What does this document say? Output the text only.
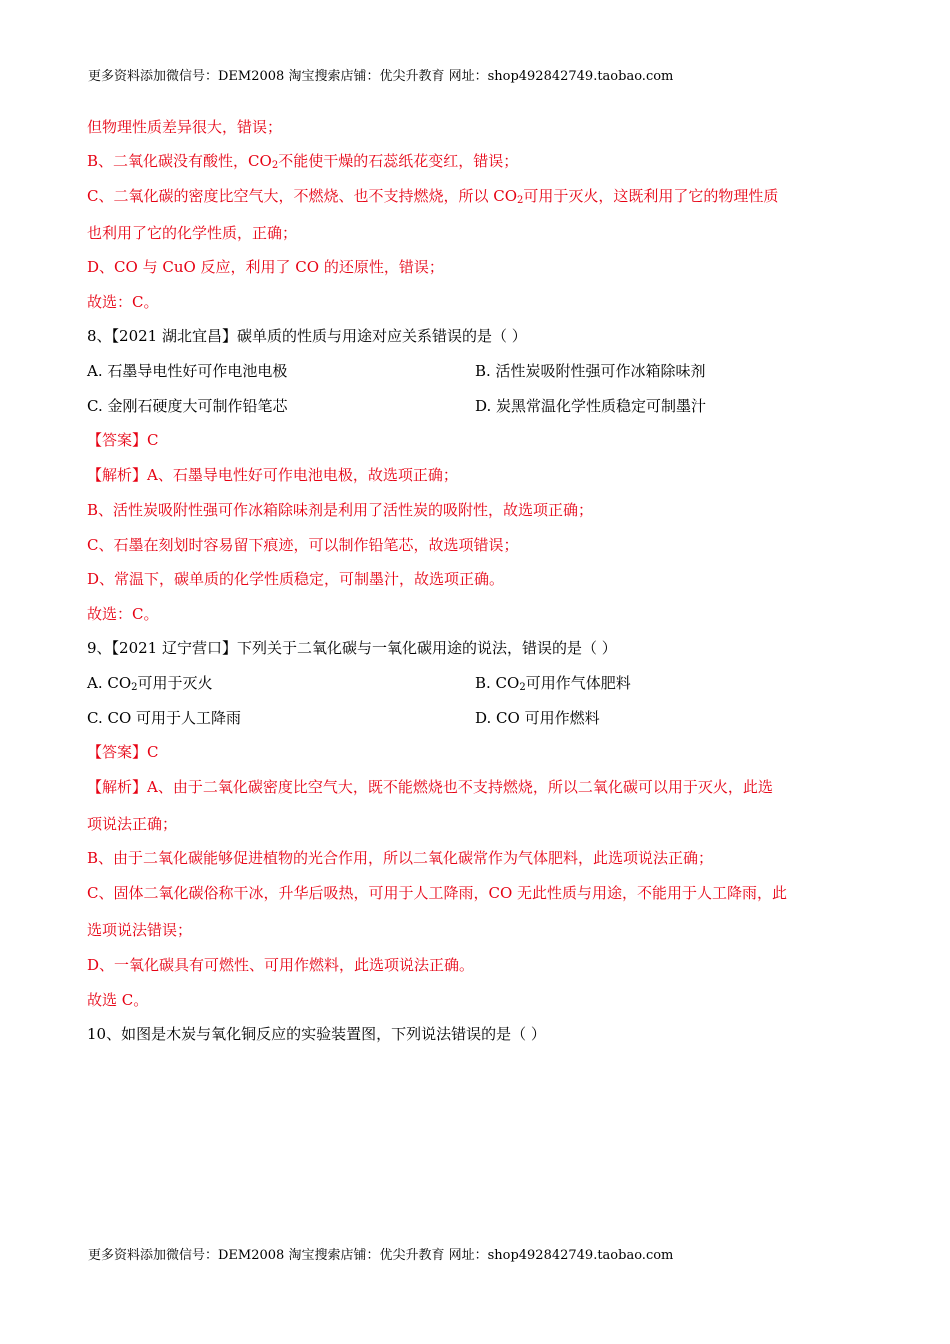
更多资料添加微信号：DEM2008 淘宝搜索店铺：优尖升教育 网址：shop492842749.taobao.com
但物理性质差异很大，错误；
B、二氧化碳没有酸性，$CO_2$不能使干燥的石蕊纸花变红，错误；
C、二氧化碳的密度比空气大，不燃烧、也不支持燃烧，所以 $CO_2$可用于灭火，这既利用了它的物理性质
也利用了它的化学性质，正确；
D、CO 与 CuO 反应，利用了 CO 的还原性，错误；
故选：C。
8、【2021 湖北宜昌】碳单质的性质与用途对应关系错误的是（ ）
A. 石墨导电性好可作电池电极	B. 活性炭吸附性强可作冰箱除味剂
C. 金刚石硬度大可制作铅笔芯	D. 炭黑常温化学性质稳定可制墨汁
【答案】C
【解析】A、石墨导电性好可作电池电极，故选项正确；
B、活性炭吸附性强可作冰箱除味剂是利用了活性炭的吸附性，故选项正确；
C、石墨在刻划时容易留下痕迹，可以制作铅笔芯，故选项错误；
D、常温下，碳单质的化学性质稳定，可制墨汁，故选项正确。
故选：C。
9、【2021 辽宁营口】下列关于二氧化碳与一氧化碳用途的说法，错误的是（ ）
A. $CO_2$可用于灭火	B. $CO_2$可用作气体肥料
C. CO 可用于人工降雨	D. CO 可用作燃料
【答案】C
【解析】A、由于二氧化碳密度比空气大，既不能燃烧也不支持燃烧，所以二氧化碳可以用于灭火，此选
项说法正确；
B、由于二氧化碳能够促进植物的光合作用，所以二氧化碳常作为气体肥料，此选项说法正确；
C、固体二氧化碳俗称干冰，升华后吸热，可用于人工降雨，CO 无此性质与用途，不能用于人工降雨，此
选项说法错误；
D、一氧化碳具有可燃性、可用作燃料，此选项说法正确。
故选 C。
10、如图是木炭与氧化铜反应的实验装置图，下列说法错误的是（ ）
更多资料添加微信号：DEM2008 淘宝搜索店铺：优尖升教育 网址：shop492842749.taobao.com
